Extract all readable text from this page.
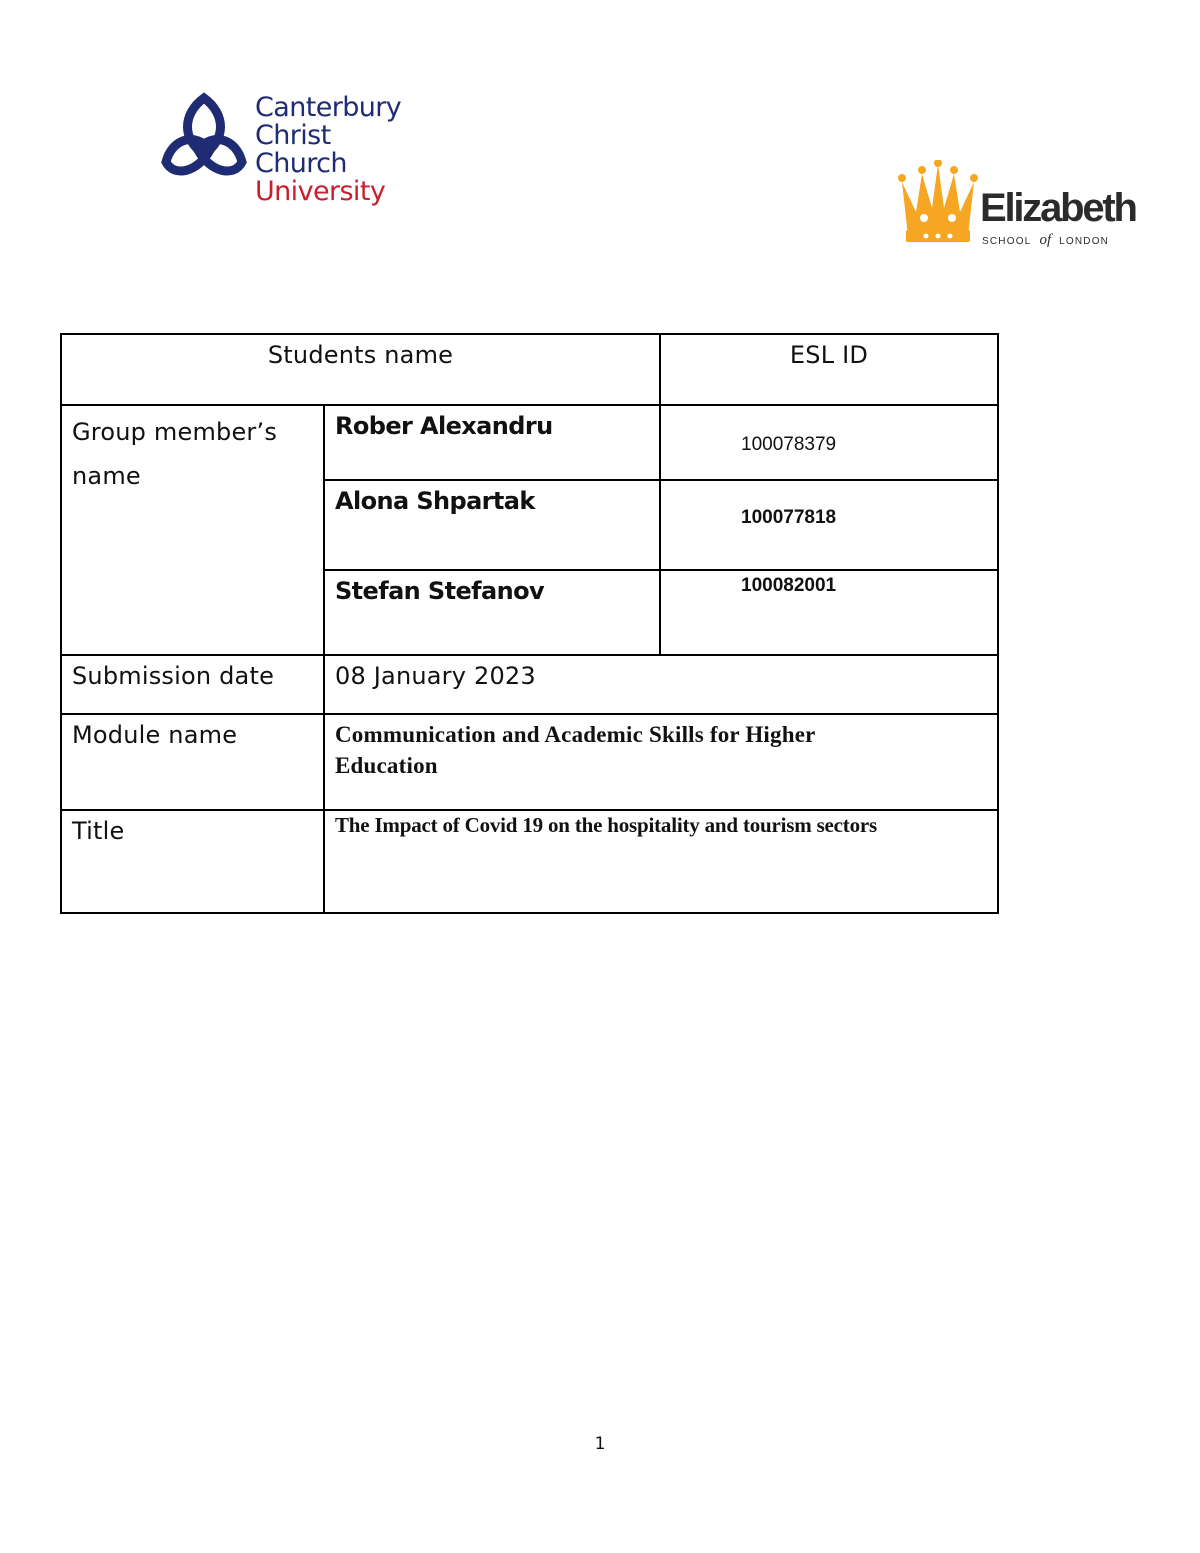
Canterbury
Christ Church
University	Elizabeth
SCHOOL of LONDON
Students name		ESL ID
Group member’s name	Rober Alexandru	100078379
	Alona Shpartak	100077818
	Stefan Stefanov	100082001
Submission date	08 January 2023	
Module name	Communication and Academic Skills for Higher
Education	

Title	The Impact of Covid 19 on the hospitality and tourism sectors	
1
